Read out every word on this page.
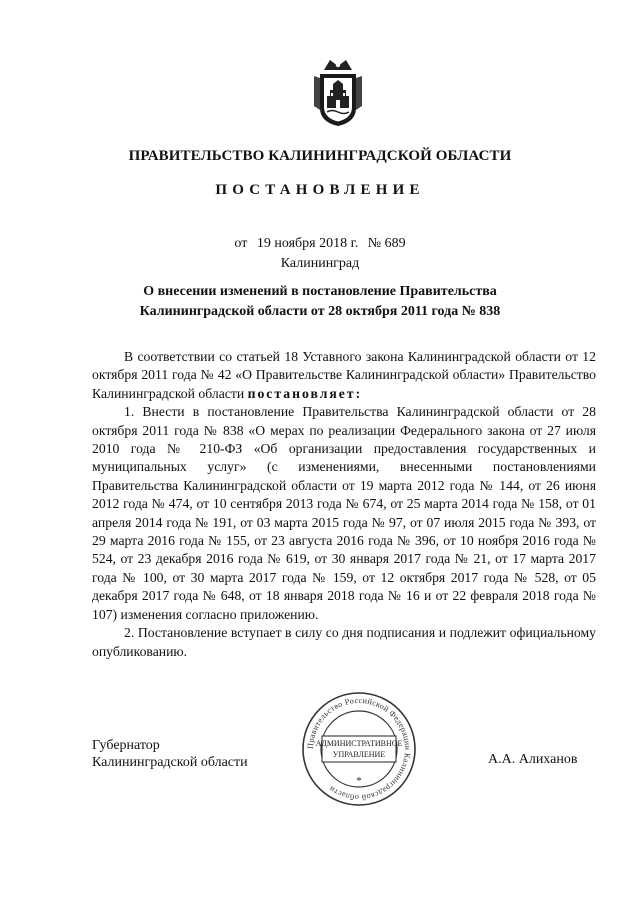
ПРАВИТЕЛЬСТВО КАЛИНИНГРАДСКОЙ ОБЛАСТИ
ПОСТАНОВЛЕНИЕ
от 19 ноября 2018 г. № 689
Калининград
О внесении изменений в постановление Правительства
Калининградской области от 28 октября 2011 года № 838

В соответствии со статьей 18 Уставного закона Калининградской области от 12 октября 2011 года № 42 «О Правительстве Калининградской области» Правительство Калининградской области постановляет:

1. Внести в постановление Правительства Калининградской области от 28 октября 2011 года № 838 «О мерах по реализации Федерального закона от 27 июля 2010 года № 210-ФЗ «Об организации предоставления государственных и муниципальных услуг» (с изменениями, внесенными постановлениями Правительства Калининградской области от 19 марта 2012 года № 144, от 26 июня 2012 года № 474, от 10 сентября 2013 года № 674, от 25 марта 2014 года № 158, от 01 апреля 2014 года № 191, от 03 марта 2015 года № 97, от 07 июля 2015 года № 393, от 29 марта 2016 года № 155, от 23 августа 2016 года № 396, от 10 ноября 2016 года № 524, от 23 декабря 2016 года № 619, от 30 января 2017 года № 21, от 17 марта 2017 года № 100, от 30 марта 2017 года № 159, от 12 октября 2017 года № 528, от 05 декабря 2017 года № 648, от 18 января 2018 года № 16 и от 22 февраля 2018 года № 107) изменения согласно приложению.

2. Постановление вступает в силу со дня подписания и подлежит официальному опубликованию.

Губернатор
Калининградской области
Правительство Российской Федерации Калининградской области
АДМИНИСТРАТИВНОЕ
УПРАВЛЕНИЕ
*
А.А. Алиханов
